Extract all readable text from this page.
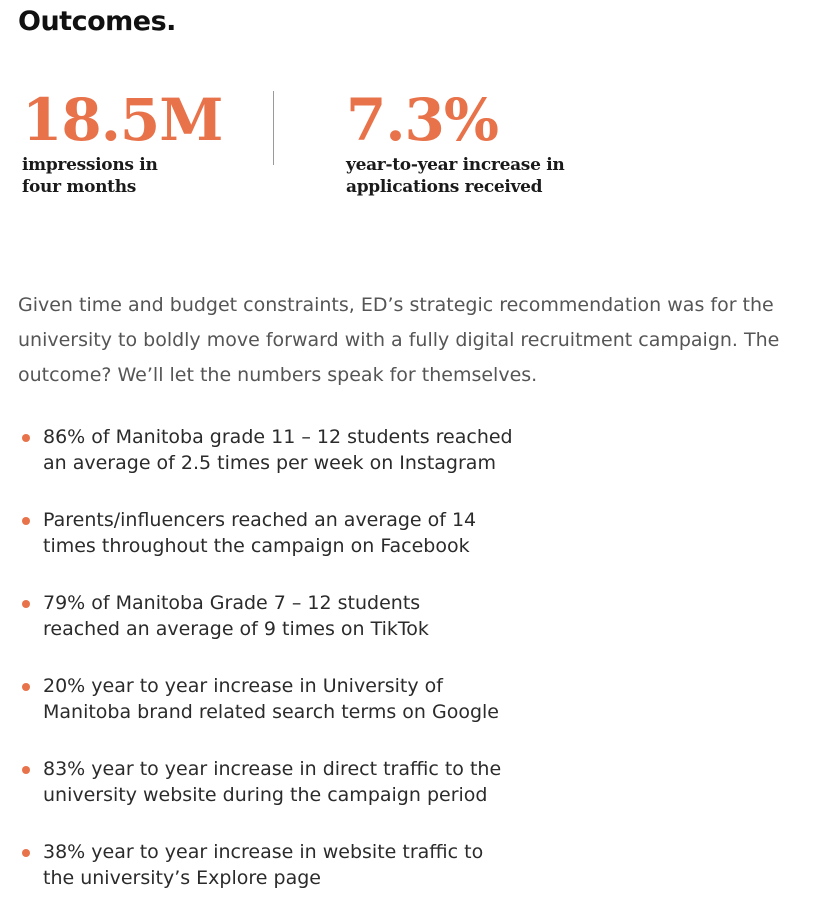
Outcomes.
18.5M
impressions in
four months
7.3%
year-to-year increase in
applications received

Given time and budget constraints, ED’s strategic recommendation was for the
university to boldly move forward with a fully digital recruitment campaign. The
outcome? We’ll let the numbers speak for themselves.

86% of Manitoba grade 11 – 12 students reached
an average of 2.5 times per week on Instagram
Parents/influencers reached an average of 14
times throughout the campaign on Facebook
79% of Manitoba Grade 7 – 12 students
reached an average of 9 times on TikTok
20% year to year increase in University of
Manitoba brand related search terms on Google
83% year to year increase in direct traffic to the
university website during the campaign period
38% year to year increase in website traffic to
the university’s Explore page
